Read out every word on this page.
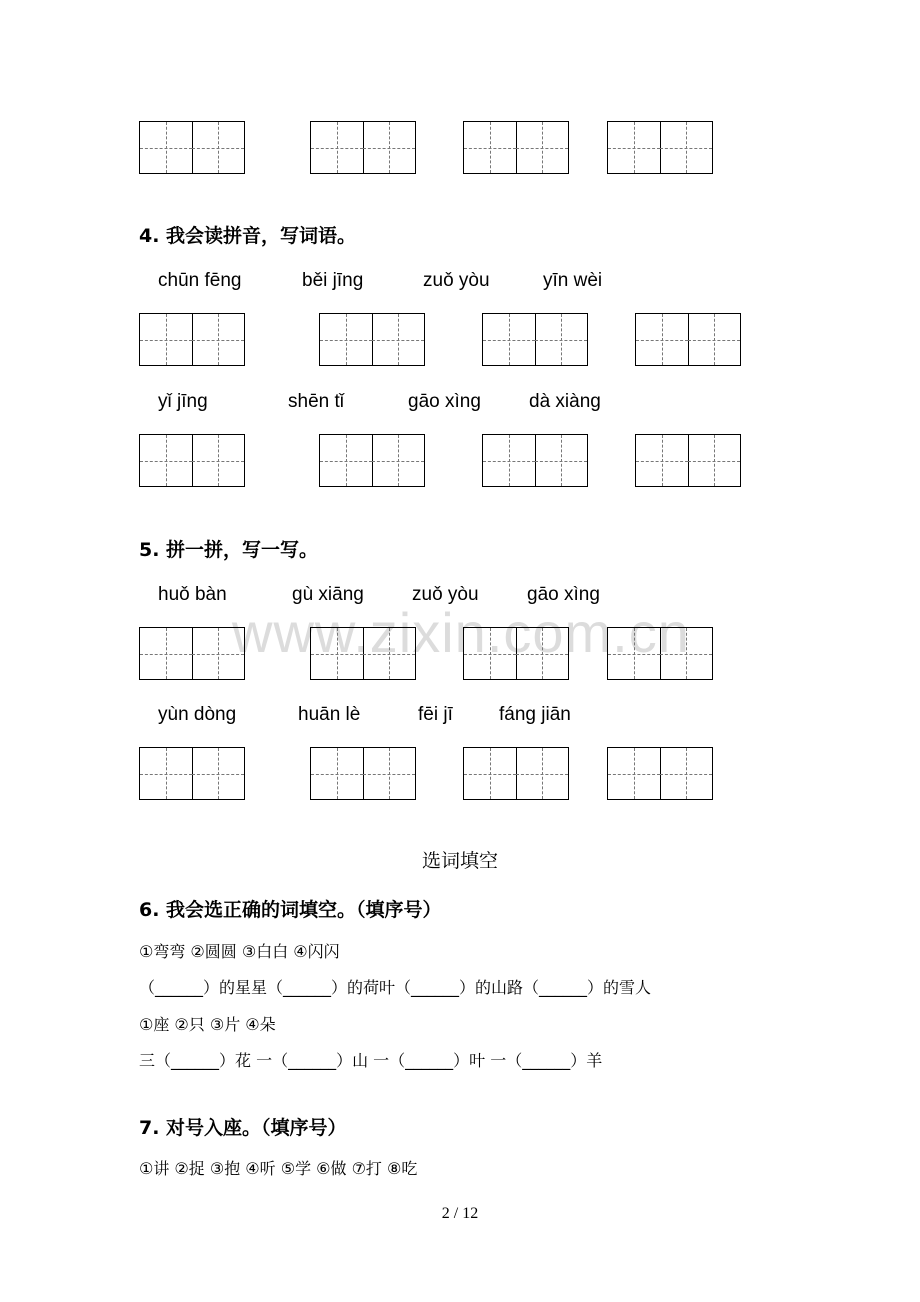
www.zixin.com.cn
4. 我会读拼音，写词语。
chūn fēng	běi jīng	zuǒ yòu	yīn wèi
yǐ jīng	shēn tǐ	gāo xìng	dà xiàng
5. 拼一拼，写一写。
huǒ bàn	gù xiāng	zuǒ yòu	gāo xìng
yùn dòng	huān lè	fēi jī fáng jiān
选词填空
6. 我会选正确的词填空。（填序号）
①弯弯 ②圆圆 ③白白 ④闪闪
（______）的星星（______）的荷叶（______）的山路（______）的雪人
①座 ②只 ③片 ④朵
三（______）花 一（______）山 一（______）叶 一（______）羊
7. 对号入座。（填序号）
①讲 ②捉 ③抱 ④听 ⑤学 ⑥做 ⑦打 ⑧吃
2 / 12
